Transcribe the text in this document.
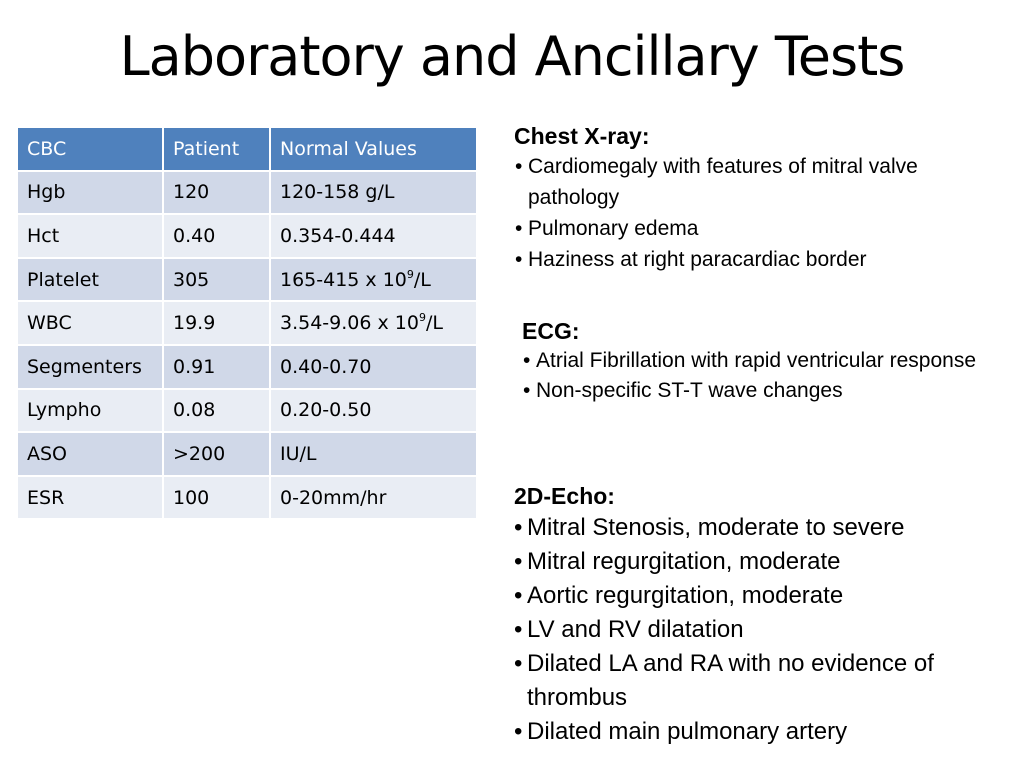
Laboratory and Ancillary Tests
CBC	Patient	Normal Values
Hgb	120	120-158 g/L
Hct	0.40	0.354-0.444
Platelet	305	165-415 x $10^9/L$
WBC	19.9	3.54-9.06 x $10^9/L$
Segmenters	0.91	0.40-0.70
Lympho	0.08	0.20-0.50
ASO	>200	IU/L
ESR	100	0-20mm/hr
Chest X-ray:
• Cardiomegaly with features of mitral valve pathology
• Pulmonary edema
• Haziness at right paracardiac border
ECG:
• Atrial Fibrillation with rapid ventricular response
• Non-specific ST-T wave changes
2D-Echo:
• Mitral Stenosis, moderate to severe
• Mitral regurgitation, moderate
• Aortic regurgitation, moderate
• LV and RV dilatation
• Dilated LA and RA with no evidence of thrombus
• Dilated main pulmonary artery
